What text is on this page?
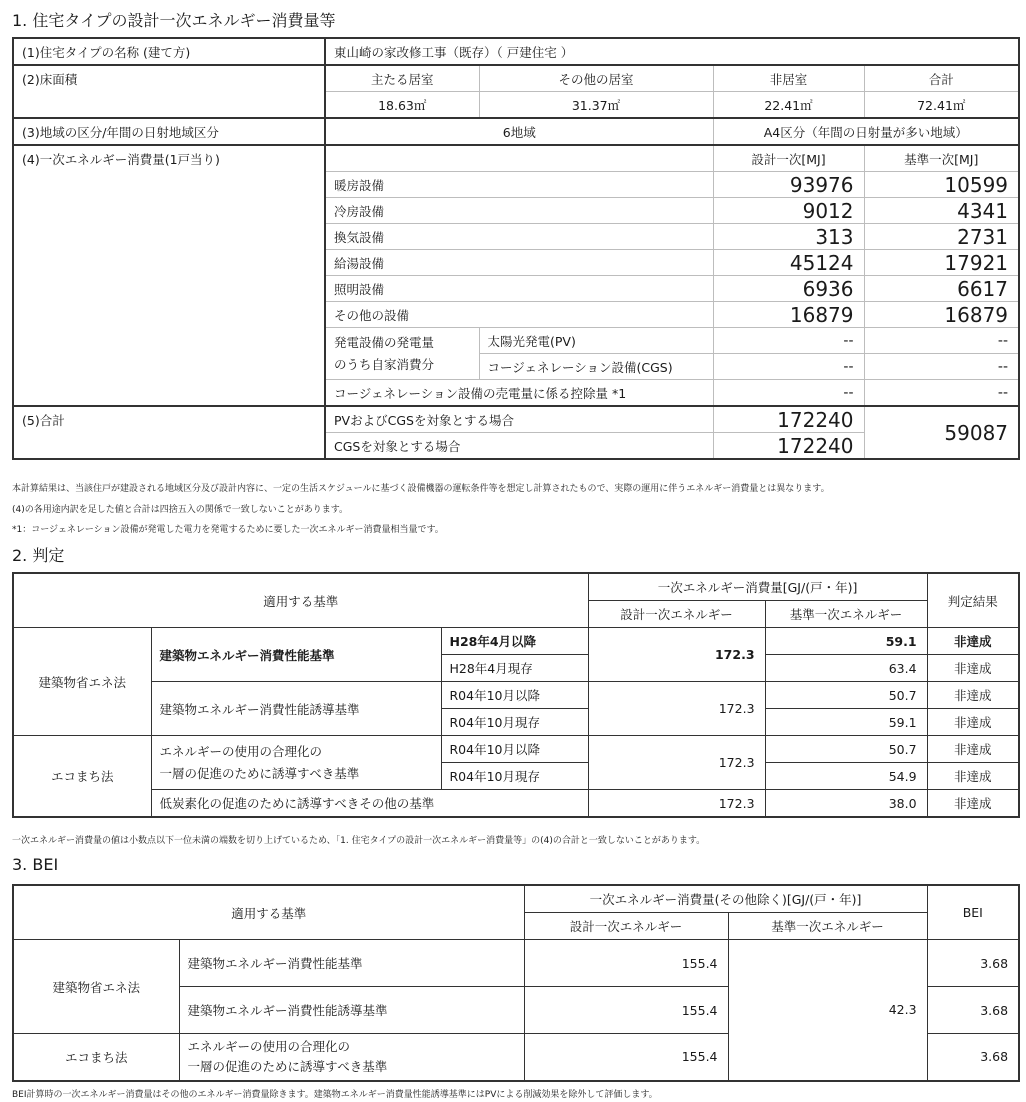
1. 住宅タイプの設計一次エネルギー消費量等
(1)住宅タイプの名称 (建て方)	東山崎の家改修工事（既存）（ 戸建住宅 ）			
(2)床面積	主たる居室	その他の居室	非居室	合計
	18.63㎡	31.37㎡	22.41㎡	72.41㎡
(3)地域の区分/年間の日射地域区分	6地域		A4区分（年間の日射量が多い地域）	
(4)一次エネルギー消費量(1戸当り)			設計一次[MJ]	基準一次[MJ]
	暖房設備		93976	10599
	冷房設備		9012	4341
	換気設備		313	2731
	給湯設備		45124	17921
	照明設備		6936	6617
	その他の設備		16879	16879
	発電設備の発電量
のうち自家消費分	太陽光発電(PV)	--	--
		コージェネレーション設備(CGS)	--	--
	コージェネレーション設備の売電量に係る控除量 *1		--	--
(5)合計	PVおよびCGSを対象とする場合		172240	59087
	CGSを対象とする場合		172240	
本計算結果は、当該住戸が建設される地域区分及び設計内容に、一定の生活スケジュールに基づく設備機器の運転条件等を想定し計算されたもので、実際の運用に伴うエネルギー消費量とは異なります。
(4)の各用途内訳を足した値と合計は四捨五入の関係で一致しないことがあります。
*1：コージェネレーション設備が発電した電力を発電するために要した一次エネルギー消費量相当量です。
2. 判定
適用する基準			一次エネルギー消費量[GJ/(戸・年)]		判定結果
			設計一次エネルギー	基準一次エネルギー	
建築物省エネ法	建築物エネルギー消費性能基準	H28年4月以降	172.3	59.1	非達成
		H28年4月現存		63.4	非達成
	建築物エネルギー消費性能誘導基準	R04年10月以降	172.3	50.7	非達成
		R04年10月現存		59.1	非達成
エコまち法	エネルギーの使用の合理化の
一層の促進のために誘導すべき基準	R04年10月以降	172.3	50.7	非達成
		R04年10月現存		54.9	非達成
	低炭素化の促進のために誘導すべきその他の基準		172.3	38.0	非達成
一次エネルギー消費量の値は小数点以下一位未満の端数を切り上げているため、「1. 住宅タイプの設計一次エネルギー消費量等」の(4)の合計と一致しないことがあります。
3. BEI
適用する基準		一次エネルギー消費量(その他除く)[GJ/(戸・年)]		BEI
		設計一次エネルギー	基準一次エネルギー	
建築物省エネ法	建築物エネルギー消費性能基準	155.4	42.3	3.68
	建築物エネルギー消費性能誘導基準	155.4		3.68
エコまち法	エネルギーの使用の合理化の
一層の促進のために誘導すべき基準	155.4		3.68
BEI計算時の一次エネルギー消費量はその他のエネルギー消費量除きます。建築物エネルギー消費量性能誘導基準にはPVによる削減効果を除外して評価します。
